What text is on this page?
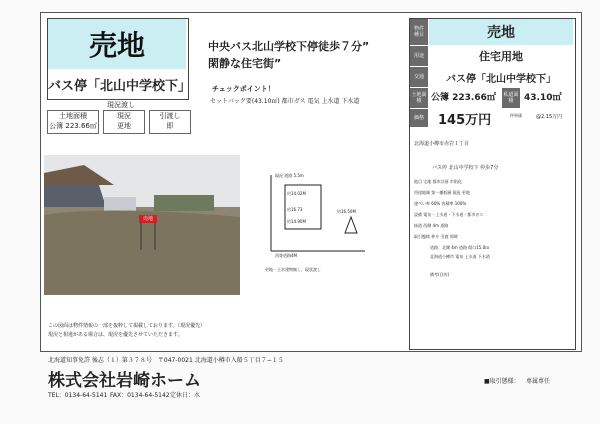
売地
バス停「北山中学校下」
現況渡し
土地面積
公簿 223.66㎡
現況
更地
引渡し
即
中央バス北山学校下停徒歩７分”
閑静な住宅街”
チェックポイント！
セットバック要(43.10㎡) 都市ガス 電気 上水道 下水道
売地
現況 道路 5.5m
約14.02M
約16.73
約14.90M
約16.50M
西寄道路4M
更地・土木建物無し、現状渡し
この図面は物件情報の一部を抜粋して掲載しております。（現況優先）
現況と相違がある場合は、現況を優先させていただきます。
物件
種目	売地
用途	住宅用地
交通	バス停「北山中学校下」
土地面積	公簿 223.66㎡ 私道面積	43.10㎡
価格	145万円	坪単価	@2.15万円
北海道小樽市赤岩１丁目
バス停 北山中学校下 停歩7分
地目 宅地 都市計画 市街化
用途地域 第一種低層 現況 更地
建ぺい率 60% 容積率 100%
設備 電気・上水道・下水道・都市ガス
接道 西側 4m 道路
取引態様 仲介 引渡 即時
道路：北側 4m 道路 間口15.0ｍ
北海道小樽市 電気 上水道 下水道
備考(目的)
北海道知事免許 後志（１）第３７８号　〒047-0021 北海道小樽市入船５丁目７−１５
株式会社岩崎ホーム
TEL：0134-64-5141 FAX：0134-64-5142 定休日：水
■取引態様： 専属専任
